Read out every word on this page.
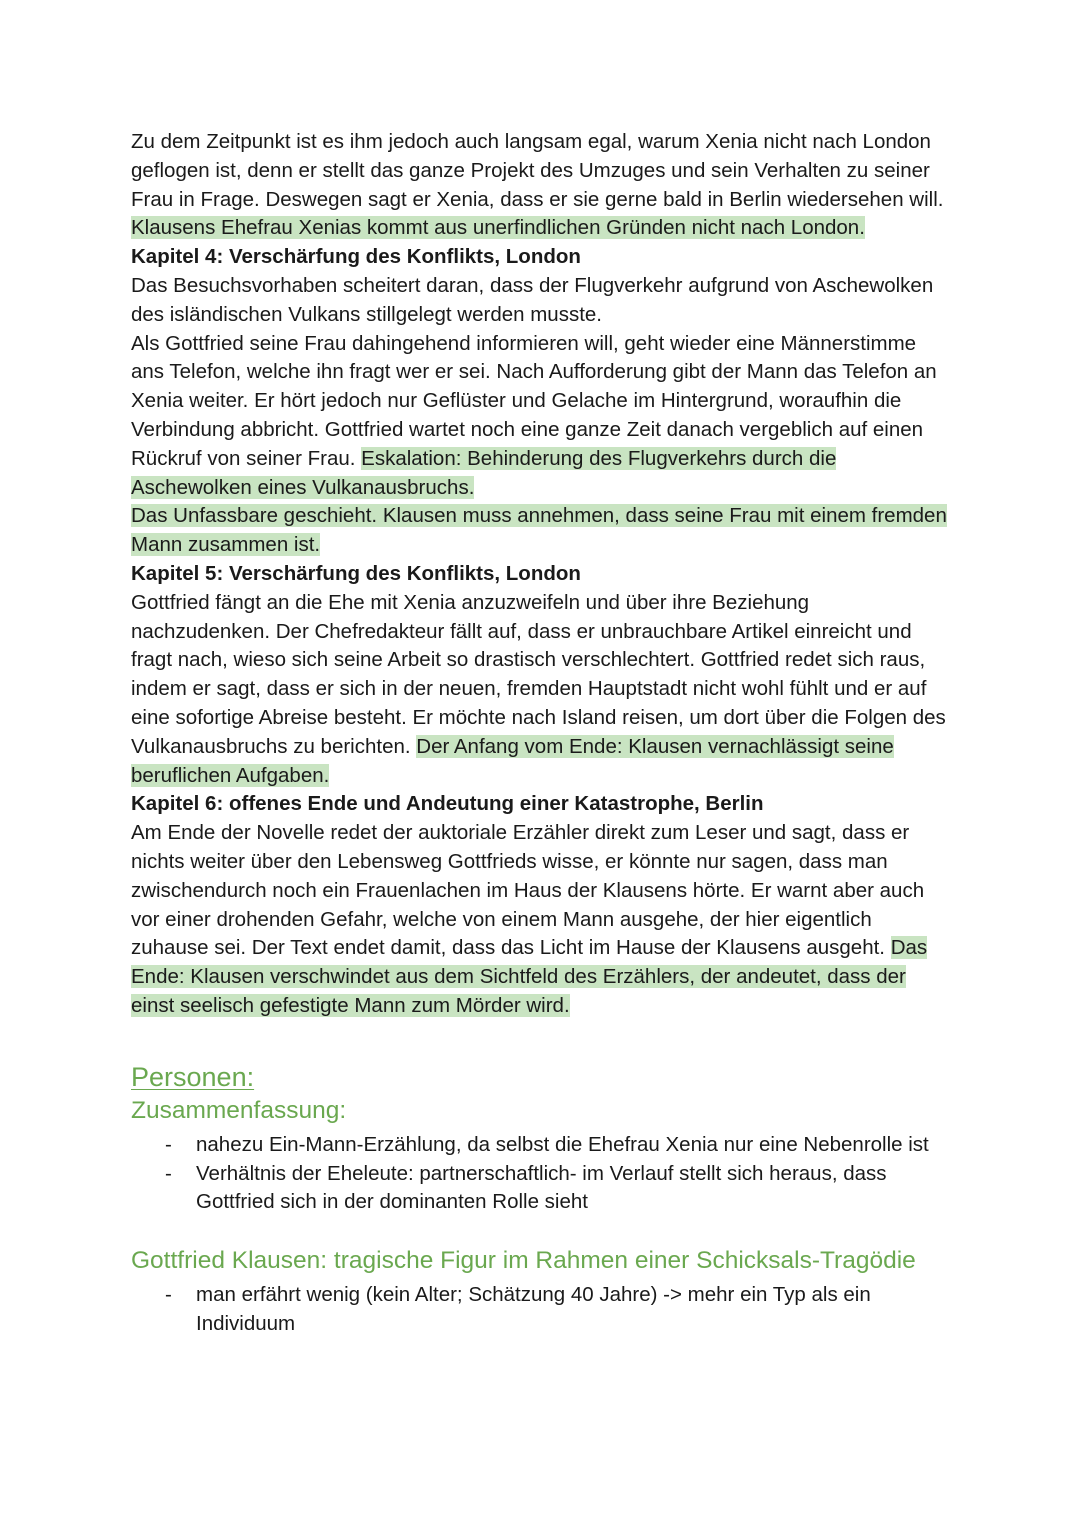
Zu dem Zeitpunkt ist es ihm jedoch auch langsam egal, warum Xenia nicht nach London geflogen ist, denn er stellt das ganze Projekt des Umzuges und sein Verhalten zu seiner Frau in Frage. Deswegen sagt er Xenia, dass er sie gerne bald in Berlin wiedersehen will. Klausens Ehefrau Xenias kommt aus unerfindlichen Gründen nicht nach London.

Kapitel 4: Verschärfung des Konflikts, London

Das Besuchsvorhaben scheitert daran, dass der Flugverkehr aufgrund von Aschewolken des isländischen Vulkans stillgelegt werden musste.

Als Gottfried seine Frau dahingehend informieren will, geht wieder eine Männerstimme ans Telefon, welche ihn fragt wer er sei. Nach Aufforderung gibt der Mann das Telefon an Xenia weiter. Er hört jedoch nur Geflüster und Gelache im Hintergrund, woraufhin die Verbindung abbricht. Gottfried wartet noch eine ganze Zeit danach vergeblich auf einen Rückruf von seiner Frau. Eskalation: Behinderung des Flugverkehrs durch die Aschewolken eines Vulkanausbruchs.

Das Unfassbare geschieht. Klausen muss annehmen, dass seine Frau mit einem fremden Mann zusammen ist.

Kapitel 5: Verschärfung des Konflikts, London

Gottfried fängt an die Ehe mit Xenia anzuzweifeln und über ihre Beziehung nachzudenken. Der Chefredakteur fällt auf, dass er unbrauchbare Artikel einreicht und fragt nach, wieso sich seine Arbeit so drastisch verschlechtert. Gottfried redet sich raus, indem er sagt, dass er sich in der neuen, fremden Hauptstadt nicht wohl fühlt und er auf eine sofortige Abreise besteht. Er möchte nach Island reisen, um dort über die Folgen des Vulkanausbruchs zu berichten. Der Anfang vom Ende: Klausen vernachlässigt seine beruflichen Aufgaben.

Kapitel 6: offenes Ende und Andeutung einer Katastrophe, Berlin

Am Ende der Novelle redet der auktoriale Erzähler direkt zum Leser und sagt, dass er nichts weiter über den Lebensweg Gottfrieds wisse, er könnte nur sagen, dass man zwischendurch noch ein Frauenlachen im Haus der Klausens hörte. Er warnt aber auch vor einer drohenden Gefahr, welche von einem Mann ausgehe, der hier eigentlich zuhause sei. Der Text endet damit, dass das Licht im Hause der Klausens ausgeht. Das Ende: Klausen verschwindet aus dem Sichtfeld des Erzählers, der andeutet, dass der einst seelisch gefestigte Mann zum Mörder wird.

Personen:
Zusammenfassung:
- nahezu Ein-Mann-Erzählung, da selbst die Ehefrau Xenia nur eine Nebenrolle ist
- Verhältnis der Eheleute: partnerschaftlich- im Verlauf stellt sich heraus, dass Gottfried sich in der dominanten Rolle sieht
Gottfried Klausen: tragische Figur im Rahmen einer Schicksals-Tragödie
- man erfährt wenig (kein Alter; Schätzung 40 Jahre) -> mehr ein Typ als ein Individuum
